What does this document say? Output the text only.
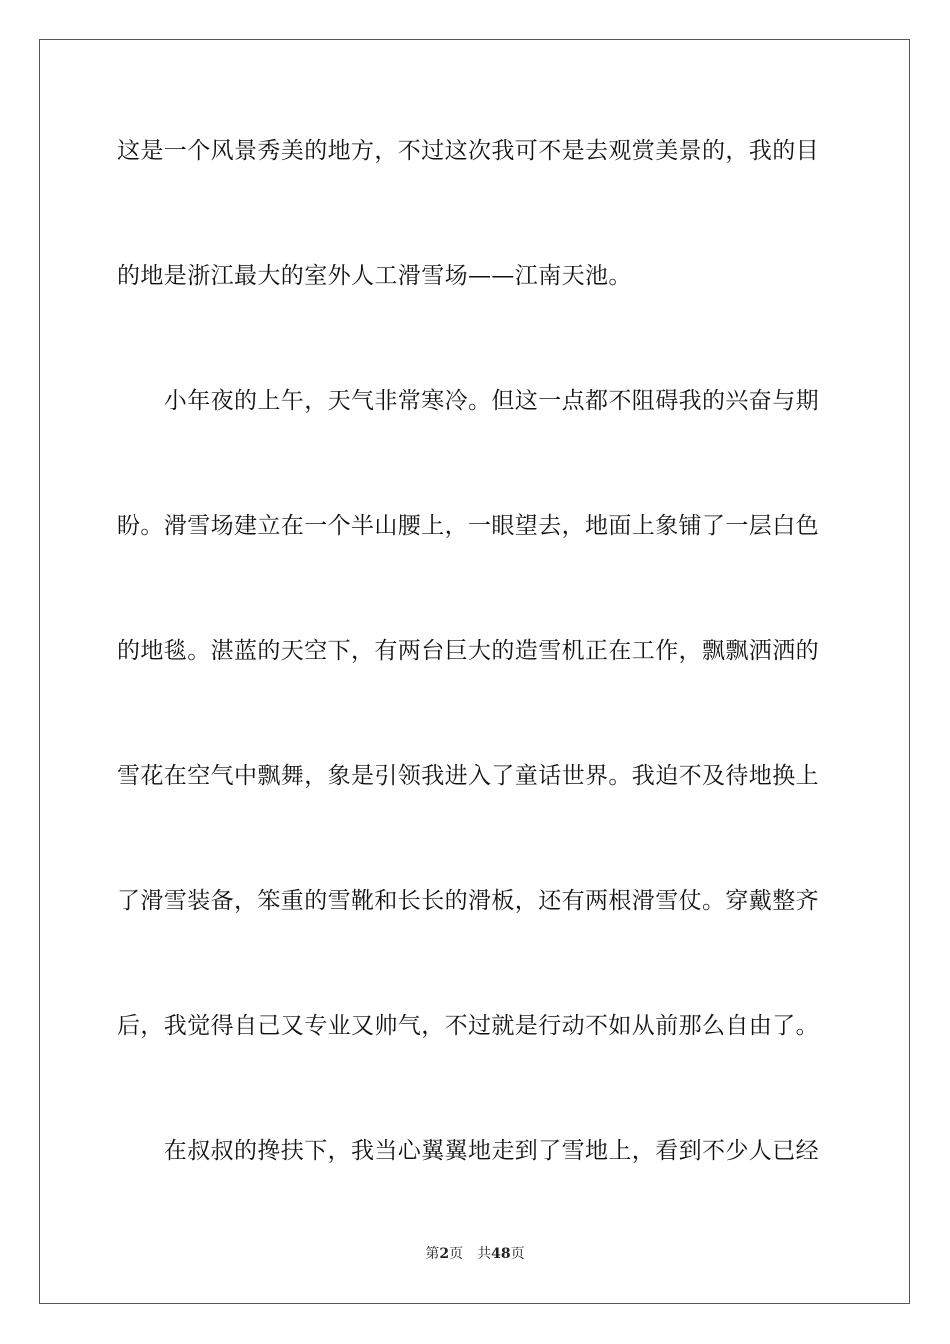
这是一个风景秀美的地方，不过这次我可不是去观赏美景的，我的目
的地是浙江最大的室外人工滑雪场——江南天池。
　　小年夜的上午，天气非常寒冷。但这一点都不阻碍我的兴奋与期
盼。滑雪场建立在一个半山腰上，一眼望去，地面上象铺了一层白色
的地毯。湛蓝的天空下，有两台巨大的造雪机正在工作，飘飘洒洒的
雪花在空气中飘舞，象是引领我进入了童话世界。我迫不及待地换上
了滑雪装备，笨重的雪靴和长长的滑板，还有两根滑雪仗。穿戴整齐
后，我觉得自己又专业又帅气，不过就是行动不如从前那么自由了。
　　在叔叔的搀扶下，我当心翼翼地走到了雪地上，看到不少人已经
第2页 共48页
